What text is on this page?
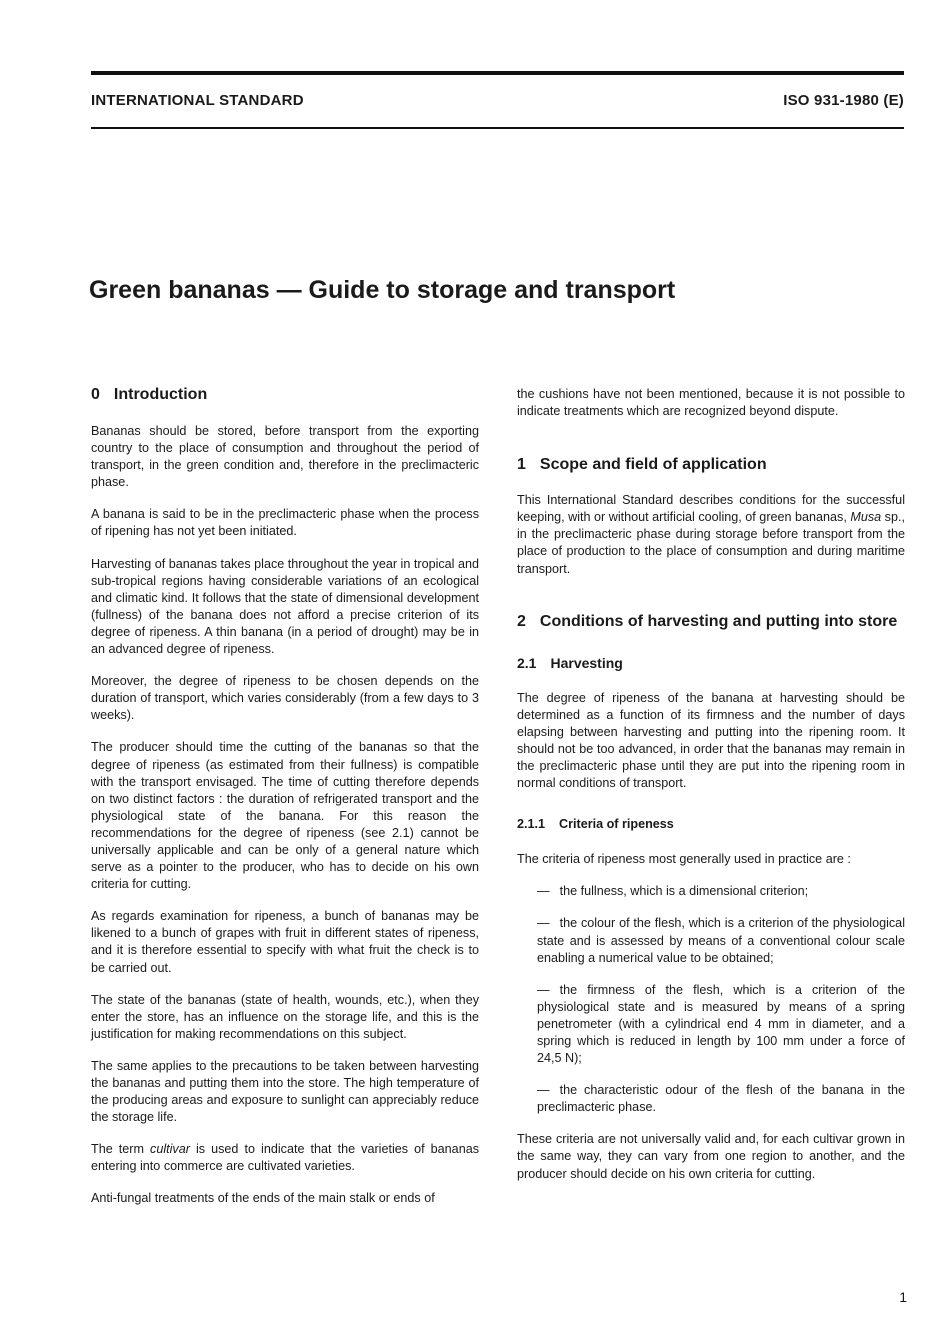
INTERNATIONAL STANDARD	ISO 931-1980 (E)
Green bananas — Guide to storage and transport
0 Introduction

Bananas should be stored, before transport from the exporting country to the place of consumption and throughout the period of transport, in the green condition and, therefore in the preclimacteric phase.

A banana is said to be in the preclimacteric phase when the process of ripening has not yet been initiated.

Harvesting of bananas takes place throughout the year in tropical and sub-tropical regions having considerable variations of an ecological and climatic kind. It follows that the state of dimensional development (fullness) of the banana does not afford a precise criterion of its degree of ripeness. A thin banana (in a period of drought) may be in an advanced degree of ripeness.

Moreover, the degree of ripeness to be chosen depends on the duration of transport, which varies considerably (from a few days to 3 weeks).

The producer should time the cutting of the bananas so that the degree of ripeness (as estimated from their fullness) is compatible with the transport envisaged. The time of cutting therefore depends on two distinct factors : the duration of refrigerated transport and the physiological state of the banana. For this reason the recommendations for the degree of ripeness (see 2.1) cannot be universally applicable and can be only of a general nature which serve as a pointer to the producer, who has to decide on his own criteria for cutting.

As regards examination for ripeness, a bunch of bananas may be likened to a bunch of grapes with fruit in different states of ripeness, and it is therefore essential to specify with what fruit the check is to be carried out.

The state of the bananas (state of health, wounds, etc.), when they enter the store, has an influence on the storage life, and this is the justification for making recommendations on this subject.

The same applies to the precautions to be taken between harvesting the bananas and putting them into the store. The high temperature of the producing areas and exposure to sunlight can appreciably reduce the storage life.

The term cultivar is used to indicate that the varieties of bananas entering into commerce are cultivated varieties.

Anti-fungal treatments of the ends of the main stalk or ends of

the cushions have not been mentioned, because it is not possible to indicate treatments which are recognized beyond dispute.

1 Scope and field of application

This International Standard describes conditions for the successful keeping, with or without artificial cooling, of green bananas, Musa sp., in the preclimacteric phase during storage before transport from the place of production to the place of consumption and during maritime transport.

2 Conditions of harvesting and putting into store
2.1 Harvesting

The degree of ripeness of the banana at harvesting should be determined as a function of its firmness and the number of days elapsing between harvesting and putting into the ripening room. It should not be too advanced, in order that the bananas may remain in the preclimacteric phase until they are put into the ripening room in normal conditions of transport.

2.1.1 Criteria of ripeness

The criteria of ripeness most generally used in practice are :

— the fullness, which is a dimensional criterion;

— the colour of the flesh, which is a criterion of the physiological state and is assessed by means of a conventional colour scale enabling a numerical value to be obtained;

— the firmness of the flesh, which is a criterion of the physiological state and is measured by means of a spring penetrometer (with a cylindrical end 4 mm in diameter, and a spring which is reduced in length by 100 mm under a force of 24,5 N);

— the characteristic odour of the flesh of the banana in the preclimacteric phase.

These criteria are not universally valid and, for each cultivar grown in the same way, they can vary from one region to another, and the producer should decide on his own criteria for cutting.

1
